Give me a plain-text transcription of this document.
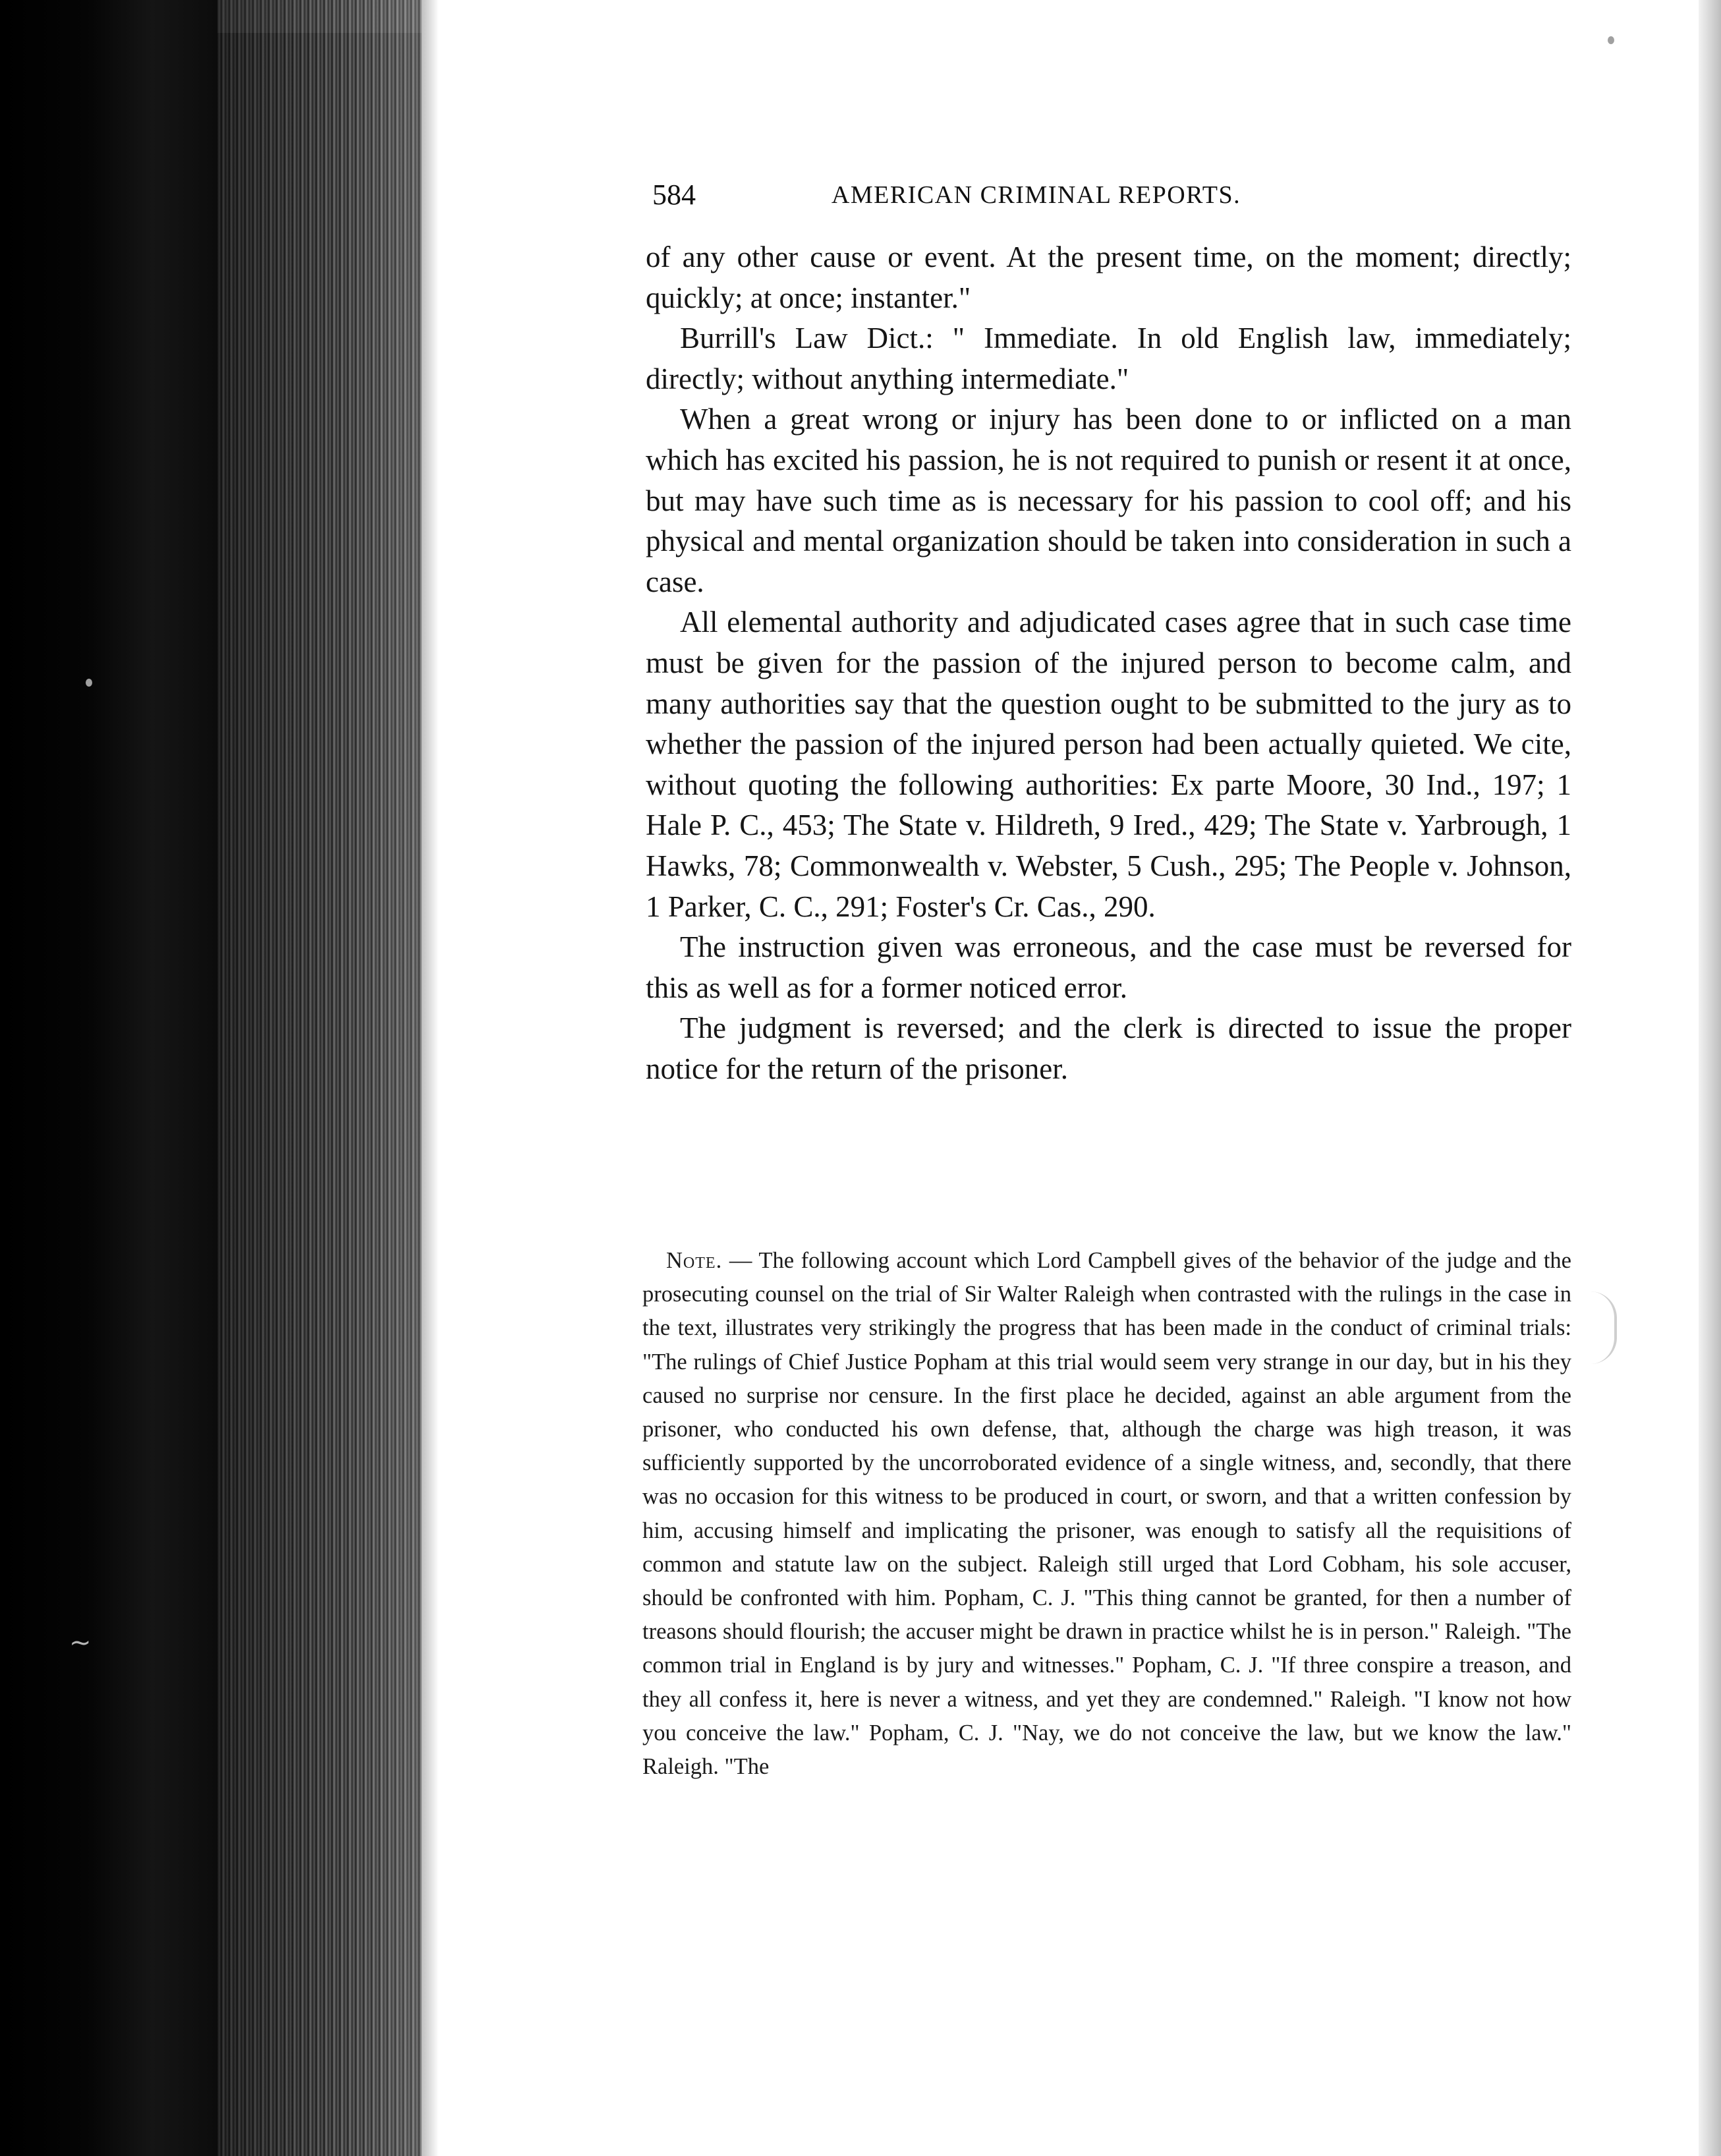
~
584	AMERICAN CRIMINAL REPORTS.

of any other cause or event. At the present time, on the moment; directly; quickly; at once; instanter."

Burrill's Law Dict.: " Immediate. In old English law, immediately; directly; without anything intermediate."

When a great wrong or injury has been done to or inflicted on a man which has excited his passion, he is not required to punish or resent it at once, but may have such time as is necessary for his passion to cool off; and his physical and mental organization should be taken into consideration in such a case.

All elemental authority and adjudicated cases agree that in such case time must be given for the passion of the injured person to become calm, and many authorities say that the question ought to be submitted to the jury as to whether the passion of the injured person had been actually quieted. We cite, without quoting the following authorities: Ex parte Moore, 30 Ind., 197; 1 Hale P. C., 453; The State v. Hildreth, 9 Ired., 429; The State v. Yarbrough, 1 Hawks, 78; Commonwealth v. Webster, 5 Cush., 295; The People v. Johnson, 1 Parker, C. C., 291; Foster's Cr. Cas., 290.

The instruction given was erroneous, and the case must be reversed for this as well as for a former noticed error.

The judgment is reversed; and the clerk is directed to issue the proper notice for the return of the prisoner.

Note. — The following account which Lord Campbell gives of the behavior of the judge and the prosecuting counsel on the trial of Sir Walter Raleigh when contrasted with the rulings in the case in the text, illustrates very strikingly the progress that has been made in the conduct of criminal trials: "The rulings of Chief Justice Popham at this trial would seem very strange in our day, but in his they caused no surprise nor censure. In the first place he decided, against an able argument from the prisoner, who conducted his own defense, that, although the charge was high treason, it was sufficiently supported by the uncorroborated evidence of a single witness, and, secondly, that there was no occasion for this witness to be produced in court, or sworn, and that a written confession by him, accusing himself and implicating the prisoner, was enough to satisfy all the requisitions of common and statute law on the subject. Raleigh still urged that Lord Cobham, his sole accuser, should be confronted with him. Popham, C. J. "This thing cannot be granted, for then a number of treasons should flourish; the accuser might be drawn in practice whilst he is in person." Raleigh. "The common trial in England is by jury and witnesses." Popham, C. J. "If three conspire a treason, and they all confess it, here is never a witness, and yet they are condemned." Raleigh. "I know not how you conceive the law." Popham, C. J. "Nay, we do not conceive the law, but we know the law." Raleigh. "The
